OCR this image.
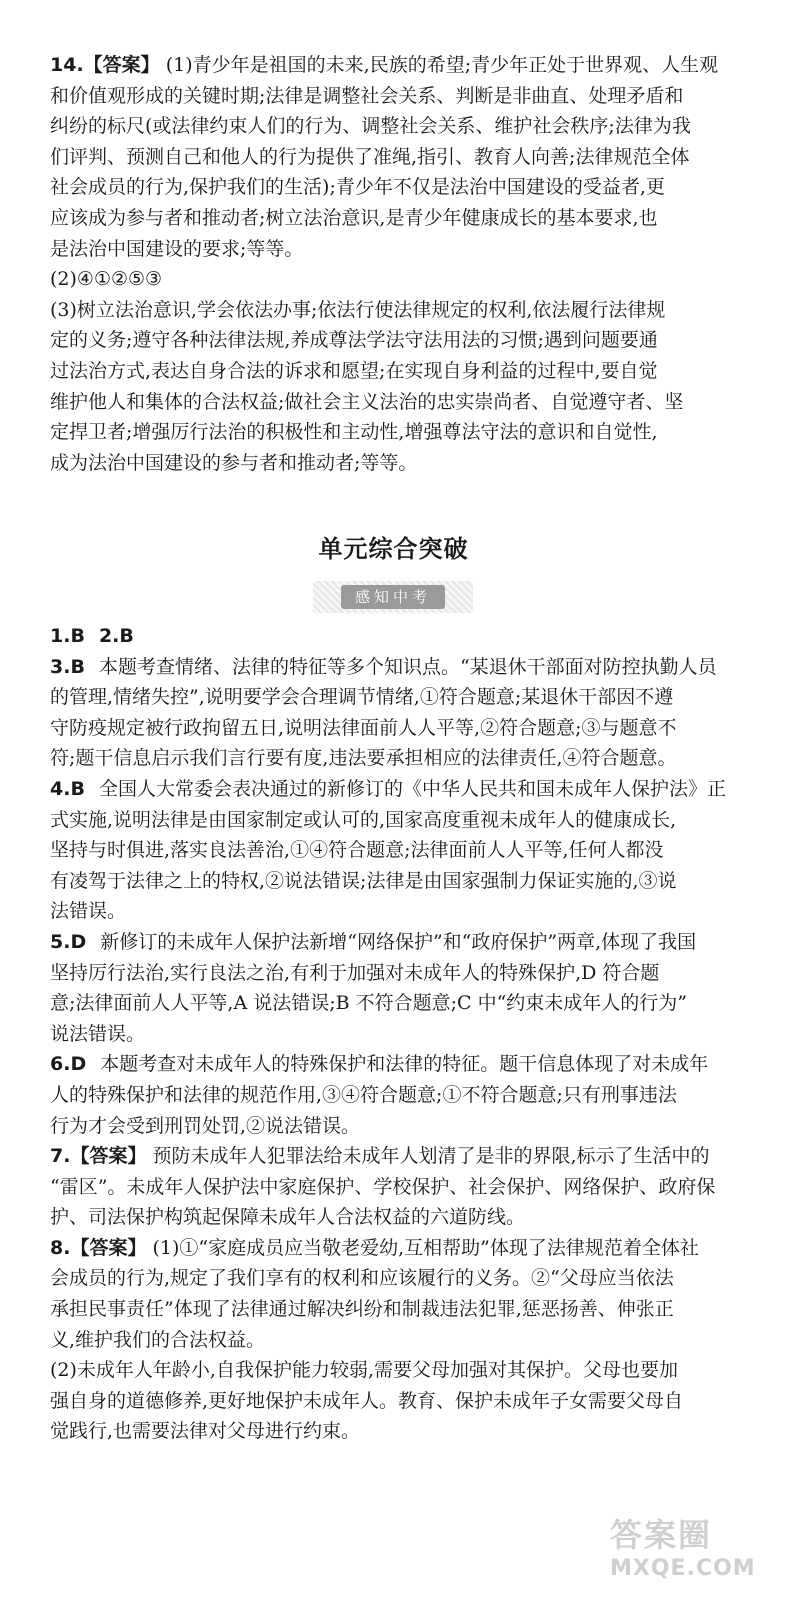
14.【答案】 (1)青少年是祖国的未来,民族的希望;青少年正处于世界观、人生观
和价值观形成的关键时期;法律是调整社会关系、判断是非曲直、处理矛盾和
纠纷的标尺(或法律约束人们的行为、调整社会关系、维护社会秩序;法律为我
们评判、预测自己和他人的行为提供了准绳,指引、教育人向善;法律规范全体
社会成员的行为,保护我们的生活);青少年不仅是法治中国建设的受益者,更
应该成为参与者和推动者;树立法治意识,是青少年健康成长的基本要求,也
是法治中国建设的要求;等等。
(2)④①②⑤③
(3)树立法治意识,学会依法办事;依法行使法律规定的权利,依法履行法律规
定的义务;遵守各种法律法规,养成尊法学法守法用法的习惯;遇到问题要通
过法治方式,表达自身合法的诉求和愿望;在实现自身利益的过程中,要自觉
维护他人和集体的合法权益;做社会主义法治的忠实崇尚者、自觉遵守者、坚
定捍卫者;增强厉行法治的积极性和主动性,增强尊法守法的意识和自觉性,
成为法治中国建设的参与者和推动者;等等。
单元综合突破
感知中考
1.B 2.B
3.B 本题考查情绪、法律的特征等多个知识点。“某退休干部面对防控执勤人员
的管理,情绪失控”,说明要学会合理调节情绪,①符合题意;某退休干部因不遵
守防疫规定被行政拘留五日,说明法律面前人人平等,②符合题意;③与题意不
符;题干信息启示我们言行要有度,违法要承担相应的法律责任,④符合题意。
4.B 全国人大常委会表决通过的新修订的《中华人民共和国未成年人保护法》正
式实施,说明法律是由国家制定或认可的,国家高度重视未成年人的健康成长,
坚持与时俱进,落实良法善治,①④符合题意;法律面前人人平等,任何人都没
有凌驾于法律之上的特权,②说法错误;法律是由国家强制力保证实施的,③说
法错误。
5.D 新修订的未成年人保护法新增“网络保护”和“政府保护”两章,体现了我国
坚持厉行法治,实行良法之治,有利于加强对未成年人的特殊保护,D 符合题
意;法律面前人人平等,A 说法错误;B 不符合题意;C 中“约束未成年人的行为”
说法错误。
6.D 本题考查对未成年人的特殊保护和法律的特征。题干信息体现了对未成年
人的特殊保护和法律的规范作用,③④符合题意;①不符合题意;只有刑事违法
行为才会受到刑罚处罚,②说法错误。
7.【答案】 预防未成年人犯罪法给未成年人划清了是非的界限,标示了生活中的
“雷区”。未成年人保护法中家庭保护、学校保护、社会保护、网络保护、政府保
护、司法保护构筑起保障未成年人合法权益的六道防线。
8.【答案】 (1)①“家庭成员应当敬老爱幼,互相帮助”体现了法律规范着全体社
会成员的行为,规定了我们享有的权利和应该履行的义务。②“父母应当依法
承担民事责任”体现了法律通过解决纠纷和制裁违法犯罪,惩恶扬善、伸张正
义,维护我们的合法权益。
(2)未成年人年龄小,自我保护能力较弱,需要父母加强对其保护。父母也要加
强自身的道德修养,更好地保护未成年人。教育、保护未成年子女需要父母自
觉践行,也需要法律对父母进行约束。
答案圈
MXQE.COM
